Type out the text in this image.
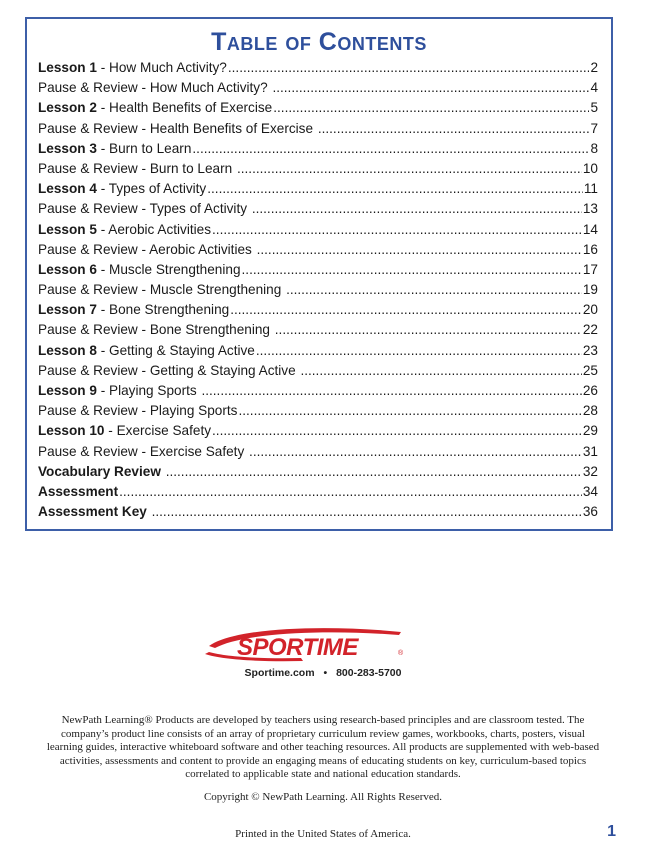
Table of Contents
Lesson 1 - How Much Activity? .....	2
Pause & Review - How Much Activity? .....	4
Lesson 2 - Health Benefits of Exercise .....	5
Pause & Review - Health Benefits of Exercise .....	7
Lesson 3 - Burn to Learn .....	8
Pause & Review - Burn to Learn .....	10
Lesson 4 - Types of Activity .....	11
Pause & Review - Types of Activity .....	13
Lesson 5 - Aerobic Activities .....	14
Pause & Review - Aerobic Activities .....	16
Lesson 6 - Muscle Strengthening .....	17
Pause & Review - Muscle Strengthening .....	19
Lesson 7 - Bone Strengthening .....	20
Pause & Review - Bone Strengthening .....	22
Lesson 8 - Getting & Staying Active .....	23
Pause & Review - Getting & Staying Active .....	25
Lesson 9 - Playing Sports .....	26
Pause & Review - Playing Sports .....	28
Lesson 10 - Exercise Safety .....	29
Pause & Review - Exercise Safety .....	31
Vocabulary Review .....	32
Assessment .....	34
Assessment Key .....	36
SPORTIME	®
Sportime.com • 800-283-5700
NewPath Learning® Products are developed by teachers using research-based principles and are classroom tested. The
company’s product line consists of an array of proprietary curriculum review games, workbooks, charts, posters, visual
learning guides, interactive whiteboard software and other teaching resources. All products are supplemented with web-based
activities, assessments and content to provide an engaging means of educating students on key, curriculum-based topics
correlated to applicable state and national education standards.
Copyright © NewPath Learning. All Rights Reserved.
Printed in the United States of America.	1
